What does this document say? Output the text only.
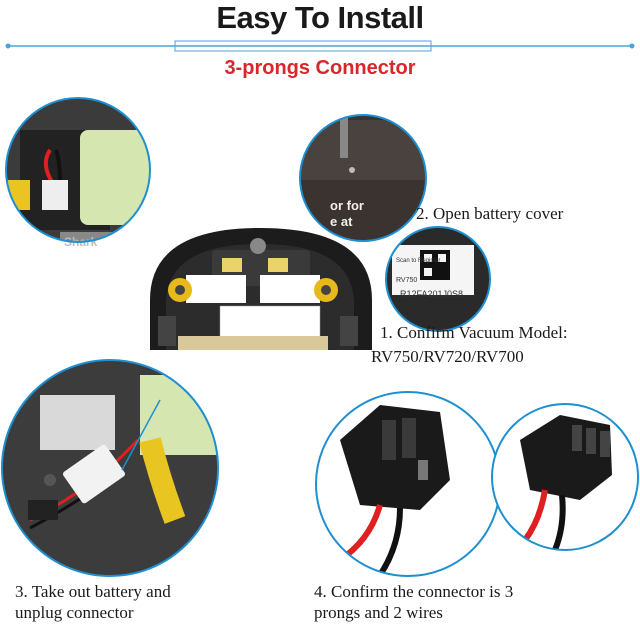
Easy To Install
3-prongs Connector
Shark
or for
e at
Scan to Register
RV750
R12FA201J0S8
2. Open battery cover
1. Confirm Vacuum Model:
RV750/RV720/RV700
3. Take out battery and
unplug connector
4. Confirm the connector is 3
prongs and 2 wires
